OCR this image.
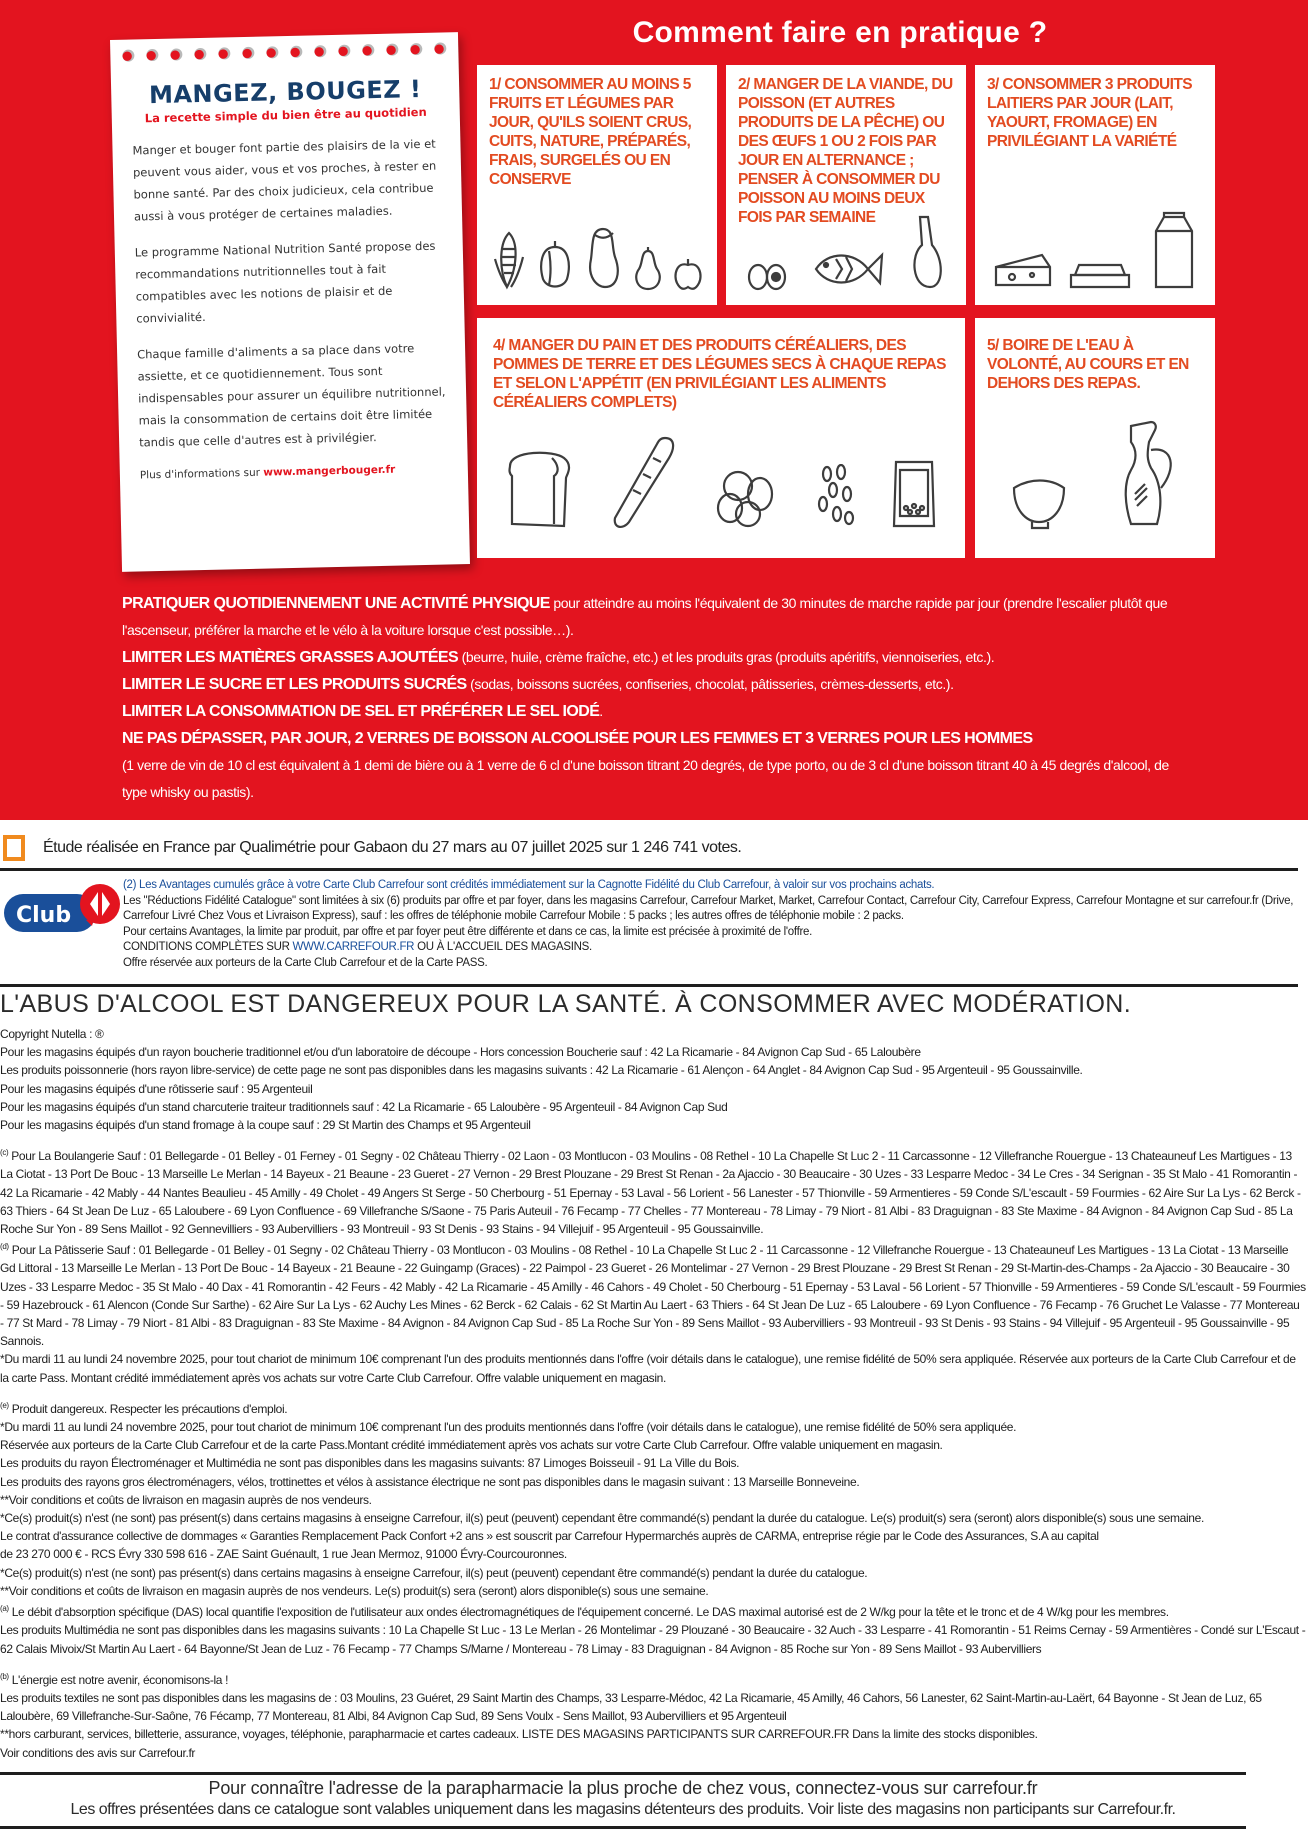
Comment faire en pratique ?
MANGEZ, BOUGEZ !
La recette simple du bien être au quotidien

Manger et bouger font partie des plaisirs de la vie et peuvent vous aider, vous et vos proches, à rester en bonne santé. Par des choix judicieux, cela contribue aussi à vous protéger de certaines maladies.

Le programme National Nutrition Santé propose des recommandations nutritionnelles tout à fait compatibles avec les notions de plaisir et de convivialité.

Chaque famille d'aliments a sa place dans votre assiette, et ce quotidiennement. Tous sont indispensables pour assurer un équilibre nutritionnel, mais la consommation de certains doit être limitée tandis que celle d'autres est à privilégier.

Plus d'informations sur www.mangerbouger.fr

1/ CONSOMMER AU MOINS 5 FRUITS ET LÉGUMES PAR JOUR, QU'ILS SOIENT CRUS, CUITS, NATURE, PRÉPARÉS, FRAIS, SURGELÉS OU EN CONSERVE
2/ MANGER DE LA VIANDE, DU POISSON (ET AUTRES PRODUITS DE LA PÊCHE) OU DES ŒUFS 1 OU 2 FOIS PAR JOUR EN ALTERNANCE ; PENSER À CONSOMMER DU POISSON AU MOINS DEUX FOIS PAR SEMAINE
3/ CONSOMMER 3 PRODUITS LAITIERS PAR JOUR (LAIT, YAOURT, FROMAGE) EN PRIVILÉGIANT LA VARIÉTÉ
4/ MANGER DU PAIN ET DES PRODUITS CÉRÉALIERS, DES POMMES DE TERRE ET DES LÉGUMES SECS À CHAQUE REPAS ET SELON L'APPÉTIT (EN PRIVILÉGIANT LES ALIMENTS CÉRÉALIERS COMPLETS)
5/ BOIRE DE L'EAU À VOLONTÉ, AU COURS ET EN DEHORS DES REPAS.
PRATIQUER QUOTIDIENNEMENT UNE ACTIVITÉ PHYSIQUE pour atteindre au moins l'équivalent de 30 minutes de marche rapide par jour (prendre l'escalier plutôt que l'ascenseur, préférer la marche et le vélo à la voiture lorsque c'est possible…).
LIMITER LES MATIÈRES GRASSES AJOUTÉES (beurre, huile, crème fraîche, etc.) et les produits gras (produits apéritifs, viennoiseries, etc.).
LIMITER LE SUCRE ET LES PRODUITS SUCRÉS (sodas, boissons sucrées, confiseries, chocolat, pâtisseries, crèmes-desserts, etc.).
LIMITER LA CONSOMMATION DE SEL ET PRÉFÉRER LE SEL IODÉ.
NE PAS DÉPASSER, PAR JOUR, 2 VERRES DE BOISSON ALCOOLISÉE POUR LES FEMMES ET 3 VERRES POUR LES HOMMES
(1 verre de vin de 10 cl est équivalent à 1 demi de bière ou à 1 verre de 6 cl d'une boisson titrant 20 degrés, de type porto, ou de 3 cl d'une boisson titrant 40 à 45 degrés d'alcool, de type whisky ou pastis).
Étude réalisée en France par Qualimétrie pour Gabaon du 27 mars au 07 juillet 2025 sur 1 246 741 votes.
Club
(2) Les Avantages cumulés grâce à votre Carte Club Carrefour sont crédités immédiatement sur la Cagnotte Fidélité du Club Carrefour, à valoir sur vos prochains achats.
Les "Réductions Fidélité Catalogue" sont limitées à six (6) produits par offre et par foyer, dans les magasins Carrefour, Carrefour Market, Market, Carrefour Contact, Carrefour City, Carrefour Express, Carrefour Montagne et sur carrefour.fr (Drive, Carrefour Livré Chez Vous et Livraison Express), sauf : les offres de téléphonie mobile Carrefour Mobile : 5 packs ; les autres offres de téléphonie mobile : 2 packs.
Pour certains Avantages, la limite par produit, par offre et par foyer peut être différente et dans ce cas, la limite est précisée à proximité de l'offre.
CONDITIONS COMPLÈTES SUR WWW.CARREFOUR.FR OU À L'ACCUEIL DES MAGASINS.
Offre réservée aux porteurs de la Carte Club Carrefour et de la Carte PASS.
L'ABUS D'ALCOOL EST DANGEREUX POUR LA SANTÉ. À CONSOMMER AVEC MODÉRATION.

Copyright Nutella : ®

Pour les magasins équipés d'un rayon boucherie traditionnel et/ou d'un laboratoire de découpe - Hors concession Boucherie sauf : 42 La Ricamarie - 84 Avignon Cap Sud - 65 Laloubère

Les produits poissonnerie (hors rayon libre-service) de cette page ne sont pas disponibles dans les magasins suivants : 42 La Ricamarie - 61 Alençon - 64 Anglet - 84 Avignon Cap Sud - 95 Argenteuil - 95 Goussainville.

Pour les magasins équipés d'une rôtisserie sauf : 95 Argenteuil

Pour les magasins équipés d'un stand charcuterie traiteur traditionnels sauf : 42 La Ricamarie - 65 Laloubère - 95 Argenteuil - 84 Avignon Cap Sud

Pour les magasins équipés d'un stand fromage à la coupe sauf : 29 St Martin des Champs et 95 Argenteuil

$^{(c)}$ Pour La Boulangerie Sauf : 01 Bellegarde - 01 Belley - 01 Ferney - 01 Segny - 02 Château Thierry - 02 Laon - 03 Montlucon - 03 Moulins - 08 Rethel - 10 La Chapelle St Luc 2 - 11 Carcassonne - 12 Villefranche Rouergue - 13 Chateauneuf Les Martigues - 13 La Ciotat - 13 Port De Bouc - 13 Marseille Le Merlan - 14 Bayeux - 21 Beaune - 23 Gueret - 27 Vernon - 29 Brest Plouzane - 29 Brest St Renan - 2a Ajaccio - 30 Beaucaire - 30 Uzes - 33 Lesparre Medoc - 34 Le Cres - 34 Serignan - 35 St Malo - 41 Romorantin - 42 La Ricamarie - 42 Mably - 44 Nantes Beaulieu - 45 Amilly - 49 Cholet - 49 Angers St Serge - 50 Cherbourg - 51 Epernay - 53 Laval - 56 Lorient - 56 Lanester - 57 Thionville - 59 Armentieres - 59 Conde S/L'escault - 59 Fourmies - 62 Aire Sur La Lys - 62 Berck - 63 Thiers - 64 St Jean De Luz - 65 Laloubere - 69 Lyon Confluence - 69 Villefranche S/Saone - 75 Paris Auteuil - 76 Fecamp - 77 Chelles - 77 Montereau - 78 Limay - 79 Niort - 81 Albi - 83 Draguignan - 83 Ste Maxime - 84 Avignon - 84 Avignon Cap Sud - 85 La Roche Sur Yon - 89 Sens Maillot - 92 Gennevilliers - 93 Aubervilliers - 93 Montreuil - 93 St Denis - 93 Stains - 94 Villejuif - 95 Argenteuil - 95 Goussainville.

$^{(d)}$ Pour La Pâtisserie Sauf : 01 Bellegarde - 01 Belley - 01 Segny - 02 Château Thierry - 03 Montlucon - 03 Moulins - 08 Rethel - 10 La Chapelle St Luc 2 - 11 Carcassonne - 12 Villefranche Rouergue - 13 Chateauneuf Les Martigues - 13 La Ciotat - 13 Marseille Gd Littoral - 13 Marseille Le Merlan - 13 Port De Bouc - 14 Bayeux - 21 Beaune - 22 Guingamp (Graces) - 22 Paimpol - 23 Gueret - 26 Montelimar - 27 Vernon - 29 Brest Plouzane - 29 Brest St Renan - 29 St-Martin-des-Champs - 2a Ajaccio - 30 Beaucaire - 30 Uzes - 33 Lesparre Medoc - 35 St Malo - 40 Dax - 41 Romorantin - 42 Feurs - 42 Mably - 42 La Ricamarie - 45 Amilly - 46 Cahors - 49 Cholet - 50 Cherbourg - 51 Epernay - 53 Laval - 56 Lorient - 57 Thionville - 59 Armentieres - 59 Conde S/L'escault - 59 Fourmies - 59 Hazebrouck - 61 Alencon (Conde Sur Sarthe) - 62 Aire Sur La Lys - 62 Auchy Les Mines - 62 Berck - 62 Calais - 62 St Martin Au Laert - 63 Thiers - 64 St Jean De Luz - 65 Laloubere - 69 Lyon Confluence - 76 Fecamp - 76 Gruchet Le Valasse - 77 Montereau - 77 St Mard - 78 Limay - 79 Niort - 81 Albi - 83 Draguignan - 83 Ste Maxime - 84 Avignon - 84 Avignon Cap Sud - 85 La Roche Sur Yon - 89 Sens Maillot - 93 Aubervilliers - 93 Montreuil - 93 St Denis - 93 Stains - 94 Villejuif - 95 Argenteuil - 95 Goussainville - 95 Sannois.

*Du mardi 11 au lundi 24 novembre 2025, pour tout chariot de minimum 10€ comprenant l'un des produits mentionnés dans l'offre (voir détails dans le catalogue), une remise fidélité de 50% sera appliquée. Réservée aux porteurs de la Carte Club Carrefour et de la carte Pass. Montant crédité immédiatement après vos achats sur votre Carte Club Carrefour. Offre valable uniquement en magasin.

$^{(e)}$ Produit dangereux. Respecter les précautions d'emploi.

*Du mardi 11 au lundi 24 novembre 2025, pour tout chariot de minimum 10€ comprenant l'un des produits mentionnés dans l'offre (voir détails dans le catalogue), une remise fidélité de 50% sera appliquée.

Réservée aux porteurs de la Carte Club Carrefour et de la carte Pass.Montant crédité immédiatement après vos achats sur votre Carte Club Carrefour. Offre valable uniquement en magasin.

Les produits du rayon Électroménager et Multimédia ne sont pas disponibles dans les magasins suivants: 87 Limoges Boisseuil - 91 La Ville du Bois.

Les produits des rayons gros électroménagers, vélos, trottinettes et vélos à assistance électrique ne sont pas disponibles dans le magasin suivant : 13 Marseille Bonneveine.

**Voir conditions et coûts de livraison en magasin auprès de nos vendeurs.

*Ce(s) produit(s) n'est (ne sont) pas présent(s) dans certains magasins à enseigne Carrefour, il(s) peut (peuvent) cependant être commandé(s) pendant la durée du catalogue. Le(s) produit(s) sera (seront) alors disponible(s) sous une semaine.

Le contrat d'assurance collective de dommages « Garanties Remplacement Pack Confort +2 ans » est souscrit par Carrefour Hypermarchés auprès de CARMA, entreprise régie par le Code des Assurances, S.A au capital

de 23 270 000 € - RCS Évry 330 598 616 - ZAE Saint Guénault, 1 rue Jean Mermoz, 91000 Évry-Courcouronnes.

*Ce(s) produit(s) n'est (ne sont) pas présent(s) dans certains magasins à enseigne Carrefour, il(s) peut (peuvent) cependant être commandé(s) pendant la durée du catalogue.

**Voir conditions et coûts de livraison en magasin auprès de nos vendeurs. Le(s) produit(s) sera (seront) alors disponible(s) sous une semaine.

$^{(a)}$ Le débit d'absorption spécifique (DAS) local quantifie l'exposition de l'utilisateur aux ondes électromagnétiques de l'équipement concerné. Le DAS maximal autorisé est de 2 W/kg pour la tête et le tronc et de 4 W/kg pour les membres.

Les produits Multimédia ne sont pas disponibles dans les magasins suivants : 10 La Chapelle St Luc - 13 Le Merlan - 26 Montelimar - 29 Plouzané - 30 Beaucaire - 32 Auch - 33 Lesparre - 41 Romorantin - 51 Reims Cernay - 59 Armentières - Condé sur L'Escaut - 62 Calais Mivoix/St Martin Au Laert - 64 Bayonne/St Jean de Luz - 76 Fecamp - 77 Champs S/Marne / Montereau - 78 Limay - 83 Draguignan - 84 Avignon - 85 Roche sur Yon - 89 Sens Maillot - 93 Aubervilliers

$^{(b)}$ L'énergie est notre avenir, économisons-la !

Les produits textiles ne sont pas disponibles dans les magasins de : 03 Moulins, 23 Guéret, 29 Saint Martin des Champs, 33 Lesparre-Médoc, 42 La Ricamarie, 45 Amilly, 46 Cahors, 56 Lanester, 62 Saint-Martin-au-Laërt, 64 Bayonne - St Jean de Luz, 65 Laloubère, 69 Villefranche-Sur-Saône, 76 Fécamp, 77 Montereau, 81 Albi, 84 Avignon Cap Sud, 89 Sens Voulx - Sens Maillot, 93 Aubervilliers et 95 Argenteuil

**hors carburant, services, billetterie, assurance, voyages, téléphonie, parapharmacie et cartes cadeaux. LISTE DES MAGASINS PARTICIPANTS SUR CARREFOUR.FR Dans la limite des stocks disponibles.

Voir conditions des avis sur Carrefour.fr

Pour connaître l'adresse de la parapharmacie la plus proche de chez vous, connectez-vous sur carrefour.fr
Les offres présentées dans ce catalogue sont valables uniquement dans les magasins détenteurs des produits. Voir liste des magasins non participants sur Carrefour.fr.
